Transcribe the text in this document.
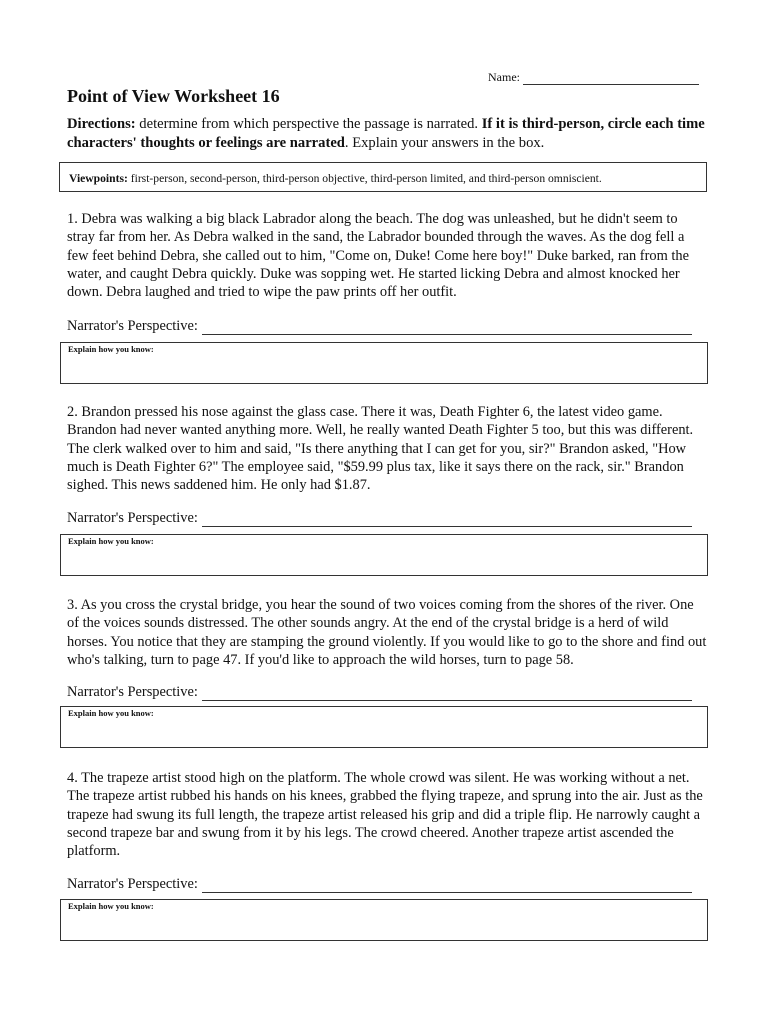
Name:
Point of View Worksheet 16

Directions: determine from which perspective the passage is narrated. If it is third-person, circle each time characters' thoughts or feelings are narrated. Explain your answers in the box.

Viewpoints: first-person, second-person, third-person objective, third-person limited, and third-person omniscient.

1. Debra was walking a big black Labrador along the beach. The dog was unleashed, but he didn't seem to stray far from her. As Debra walked in the sand, the Labrador bounded through the waves. As the dog fell a few feet behind Debra, she called out to him, "Come on, Duke! Come here boy!" Duke barked, ran from the water, and caught Debra quickly. Duke was sopping wet. He started licking Debra and almost knocked her down. Debra laughed and tried to wipe the paw prints off her outfit.

Narrator's Perspective:
Explain how you know:

2. Brandon pressed his nose against the glass case. There it was, Death Fighter 6, the latest video game. Brandon had never wanted anything more. Well, he really wanted Death Fighter 5 too, but this was different. The clerk walked over to him and said, "Is there anything that I can get for you, sir?" Brandon asked, "How much is Death Fighter 6?" The employee said, "$59.99 plus tax, like it says there on the rack, sir." Brandon sighed. This news saddened him. He only had $1.87.

Narrator's Perspective:
Explain how you know:

3. As you cross the crystal bridge, you hear the sound of two voices coming from the shores of the river. One of the voices sounds distressed. The other sounds angry. At the end of the crystal bridge is a herd of wild horses. You notice that they are stamping the ground violently. If you would like to go to the shore and find out who's talking, turn to page 47. If you'd like to approach the wild horses, turn to page 58.

Narrator's Perspective:
Explain how you know:

4. The trapeze artist stood high on the platform. The whole crowd was silent. He was working without a net. The trapeze artist rubbed his hands on his knees, grabbed the flying trapeze, and sprung into the air. Just as the trapeze had swung its full length, the trapeze artist released his grip and did a triple flip. He narrowly caught a second trapeze bar and swung from it by his legs. The crowd cheered. Another trapeze artist ascended the platform.

Narrator's Perspective:
Explain how you know:
